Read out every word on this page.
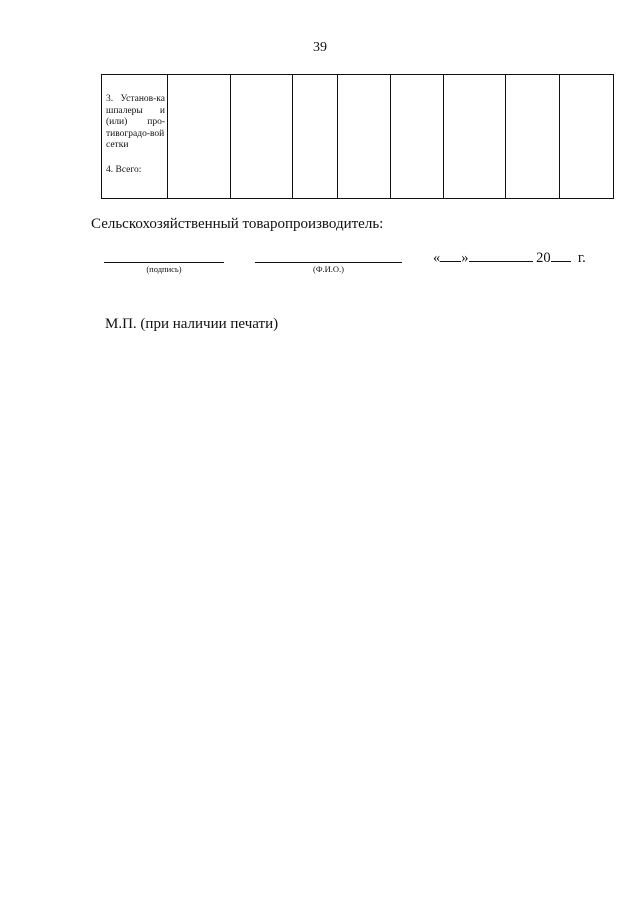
39
3. Установ-ка шпалеры и (или) про-тивоградо-вой сетки
4. Всего:

Сельскохозяйственный товаропроизводитель:
(подпись)	(Ф.И.О.)
« »	20 г.
М.П. (при наличии печати)
